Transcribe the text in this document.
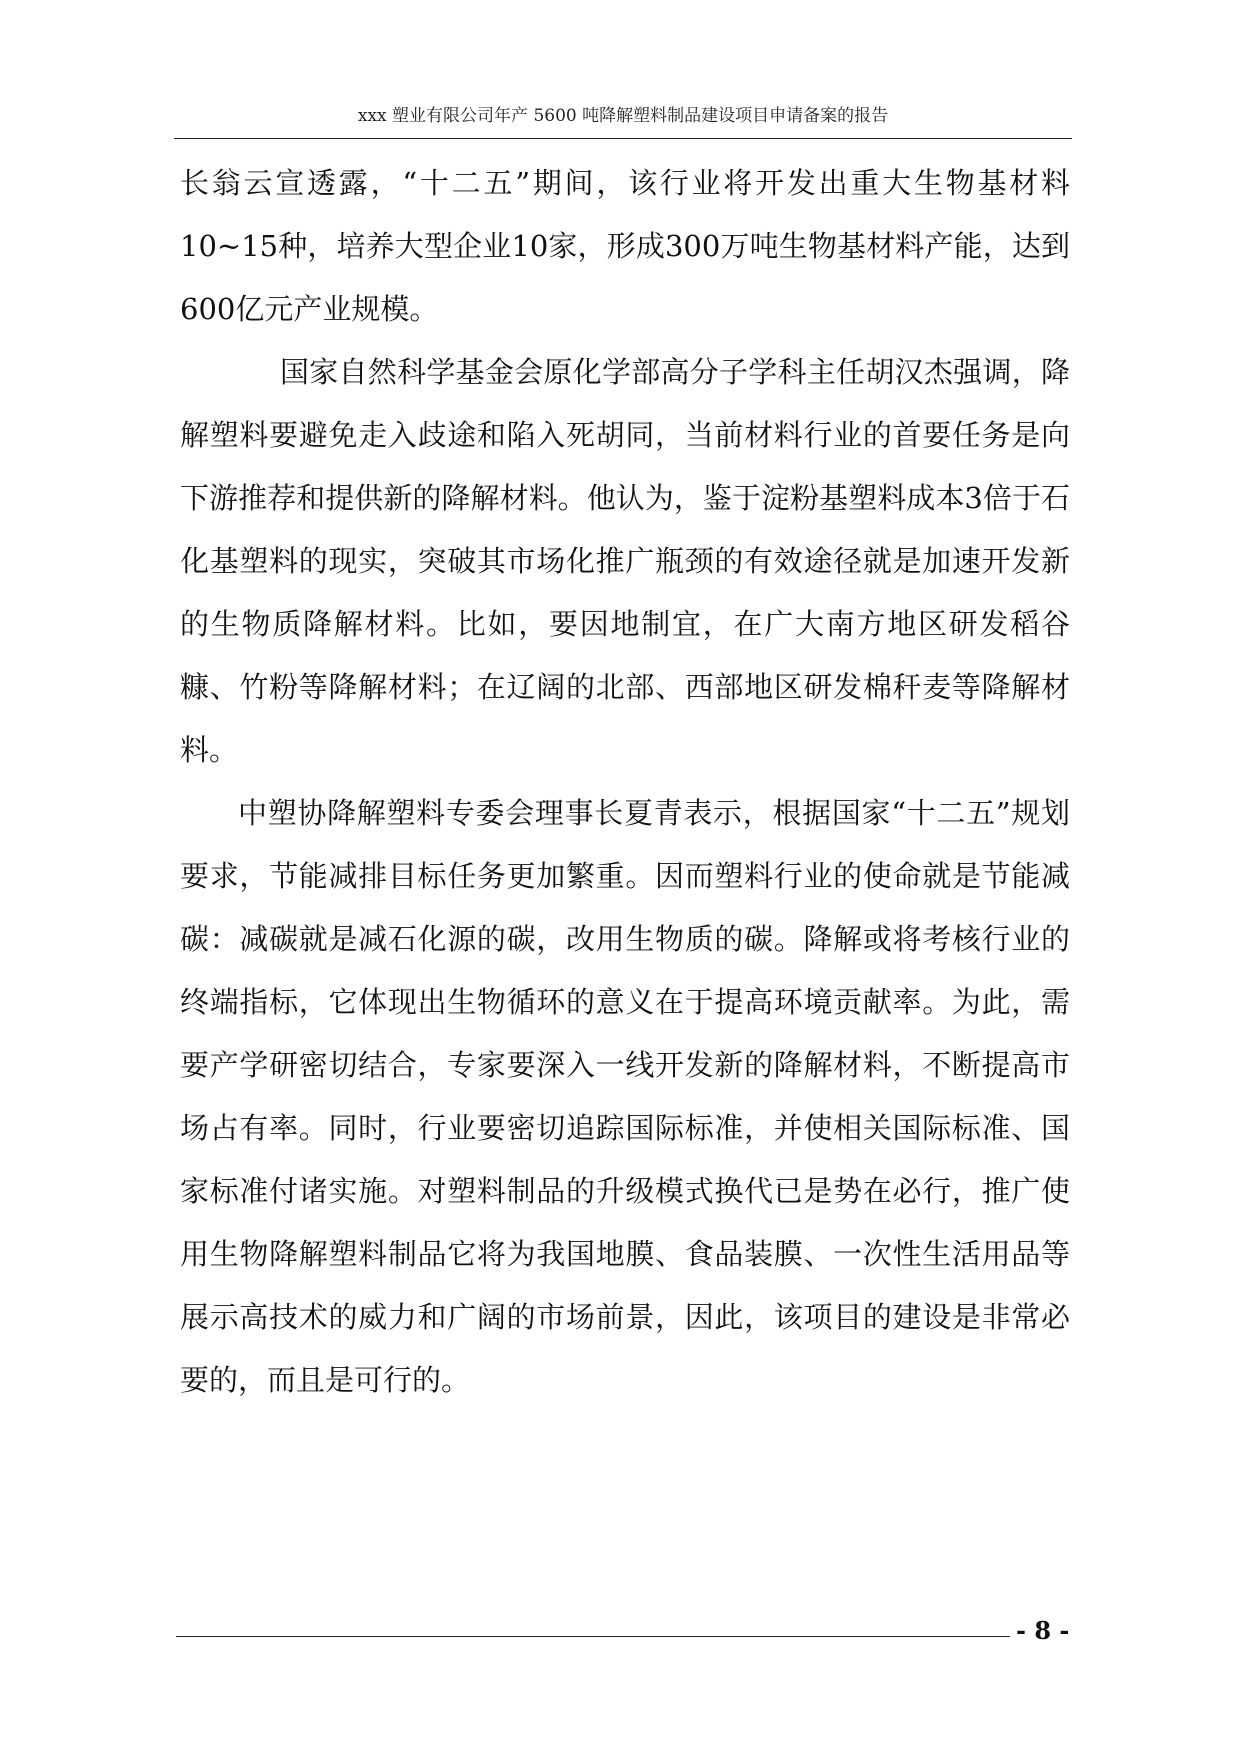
xxx 塑业有限公司年产 5600 吨降解塑料制品建设项目申请备案的报告

长翁云宣透露，“十二五”期间，该行业将开发出重大生物基材料10~15种，培养大型企业10家，形成300万吨生物基材料产能，达到600亿元产业规模。

国家自然科学基金会原化学部高分子学科主任胡汉杰强调，降解塑料要避免走入歧途和陷入死胡同，当前材料行业的首要任务是向下游推荐和提供新的降解材料。他认为，鉴于淀粉基塑料成本3倍于石化基塑料的现实，突破其市场化推广瓶颈的有效途径就是加速开发新的生物质降解材料。比如，要因地制宜，在广大南方地区研发稻谷糠、竹粉等降解材料；在辽阔的北部、西部地区研发棉秆麦等降解材料。

中塑协降解塑料专委会理事长夏青表示，根据国家“十二五”规划要求，节能减排目标任务更加繁重。因而塑料行业的使命就是节能减碳：减碳就是减石化源的碳，改用生物质的碳。降解或将考核行业的终端指标，它体现出生物循环的意义在于提高环境贡献率。为此，需要产学研密切结合，专家要深入一线开发新的降解材料，不断提高市场占有率。同时，行业要密切追踪国际标准，并使相关国际标准、国家标准付诸实施。对塑料制品的升级模式换代已是势在必行，推广使用生物降解塑料制品它将为我国地膜、食品装膜、一次性生活用品等展示高技术的威力和广阔的市场前景，因此，该项目的建设是非常必要的，而且是可行的。

- 8 -
